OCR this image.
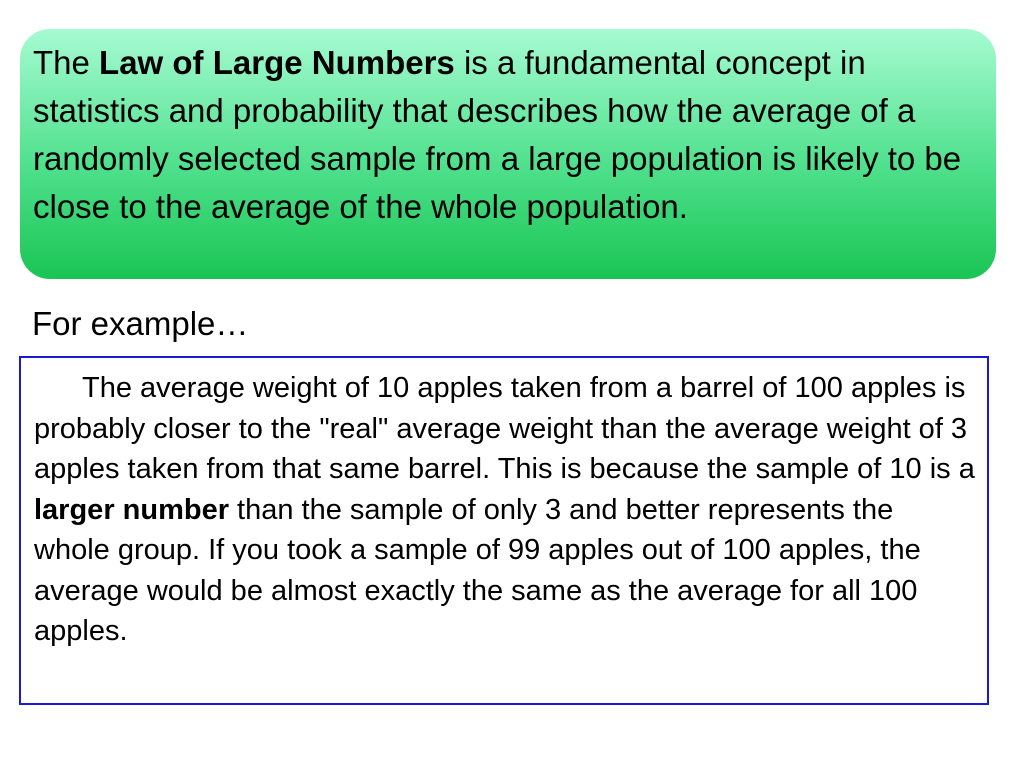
The Law of Large Numbers is a fundamental concept in statistics and probability that describes how the average of a randomly selected sample from a large population is likely to be close to the average of the whole population.

For example…

The average weight of 10 apples taken from a barrel of 100 apples is probably closer to the "real" average weight than the average weight of 3 apples taken from that same barrel. This is because the sample of 10 is a larger number than the sample of only 3 and better represents the whole group. If you took a sample of 99 apples out of 100 apples, the average would be almost exactly the same as the average for all 100 apples.
